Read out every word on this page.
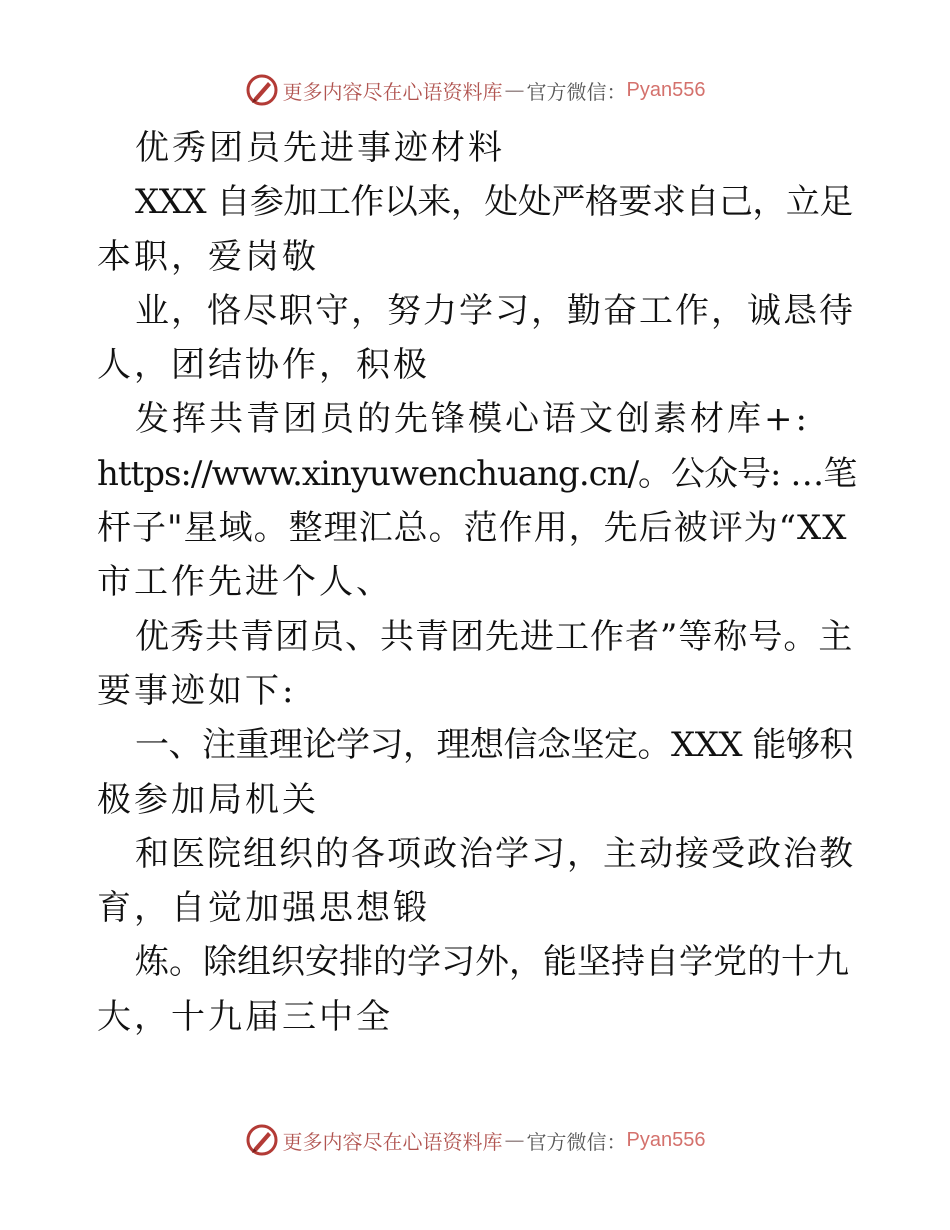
更多内容尽在心语资料库 — 官方微信： Pyan556
优秀团员先进事迹材料
XXX 自参加工作以来，处处严格要求自己，立足
本职，爱岗敬
业，恪尽职守，努力学习，勤奋工作，诚恳待
人，团结协作，积极
发挥共青团员的先锋模心语文创素材库+:
https://www.xinyuwenchuang.cn/。公众号: …笔
杆子"星域。整理汇总。范作用，先后被评为“XX
市工作先进个人、
优秀共青团员、共青团先进工作者”等称号。主
要事迹如下:
一、注重理论学习，理想信念坚定。XXX 能够积
极参加局机关
和医院组织的各项政治学习，主动接受政治教
育，自觉加强思想锻
炼。除组织安排的学习外，能坚持自学党的十九
大，十九届三中全
更多内容尽在心语资料库 — 官方微信： Pyan556
